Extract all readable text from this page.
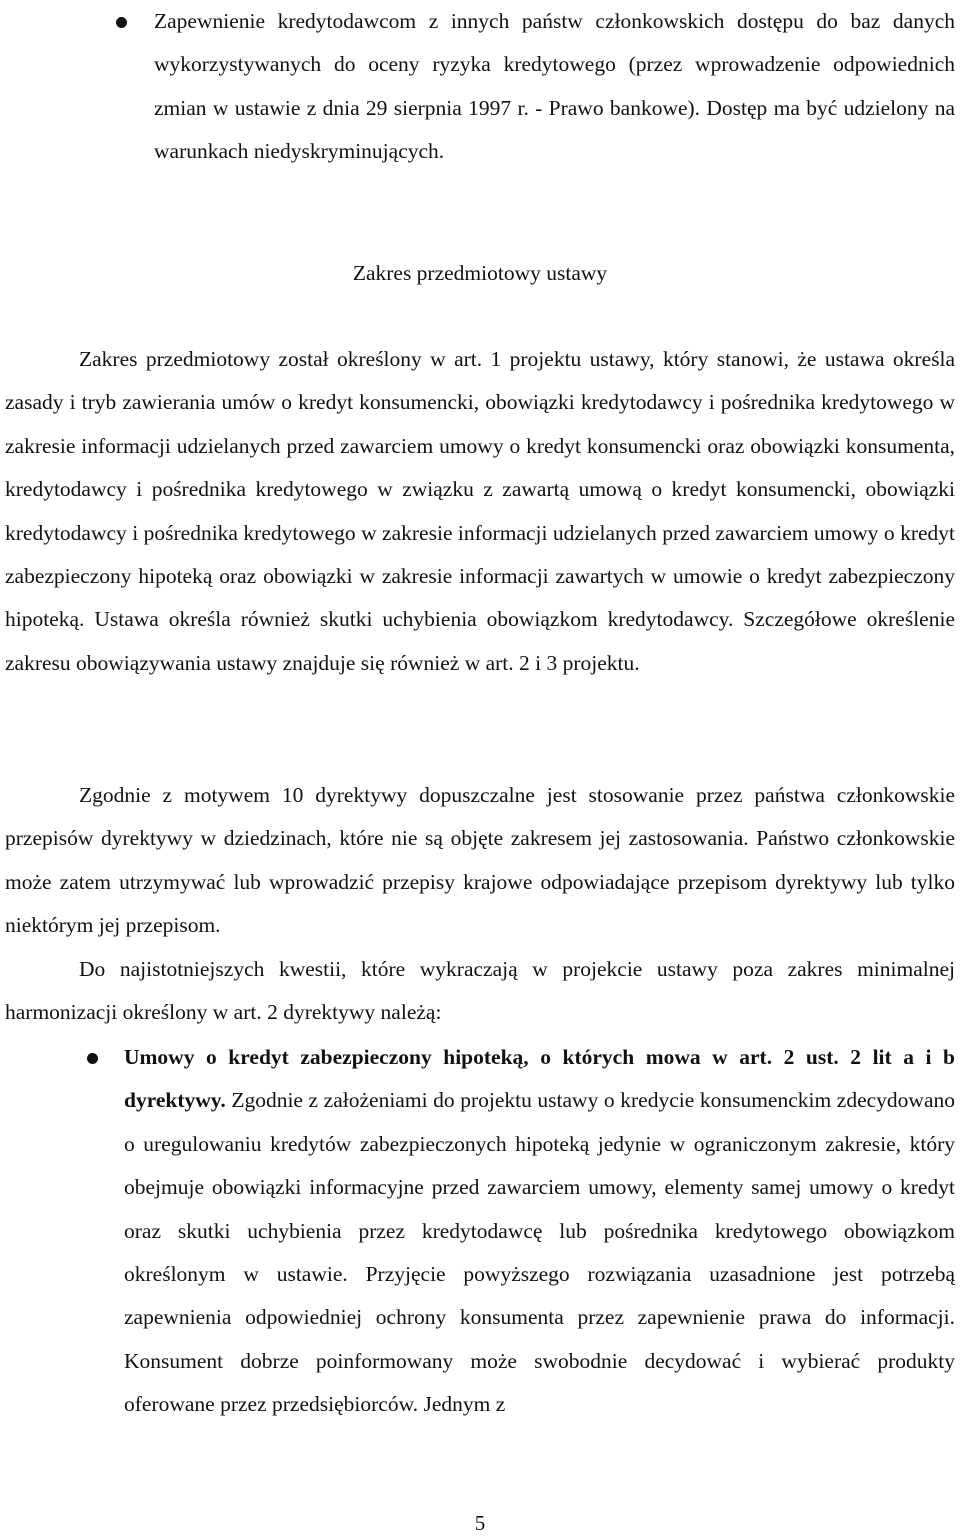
Zapewnienie kredytodawcom z innych państw członkowskich dostępu do baz danych wykorzystywanych do oceny ryzyka kredytowego (przez wprowadzenie odpowiednich zmian w ustawie z dnia 29 sierpnia 1997 r. - Prawo bankowe). Dostęp ma być udzielony na warunkach niedyskryminujących.

Zakres przedmiotowy ustawy

Zakres przedmiotowy został określony w art. 1 projektu ustawy, który stanowi, że ustawa określa zasady i tryb zawierania umów o kredyt konsumencki, obowiązki kredytodawcy i pośrednika kredytowego w zakresie informacji udzielanych przed zawarciem umowy o kredyt konsumencki oraz obowiązki konsumenta, kredytodawcy i pośrednika kredytowego w związku z zawartą umową o kredyt konsumencki, obowiązki kredytodawcy i pośrednika kredytowego w zakresie informacji udzielanych przed zawarciem umowy o kredyt zabezpieczony hipoteką oraz obowiązki w zakresie informacji zawartych w umowie o kredyt zabezpieczony hipoteką. Ustawa określa również skutki uchybienia obowiązkom kredytodawcy. Szczegółowe określenie zakresu obowiązywania ustawy znajduje się również w art. 2 i 3 projektu.

Zgodnie z motywem 10 dyrektywy dopuszczalne jest stosowanie przez państwa członkowskie przepisów dyrektywy w dziedzinach, które nie są objęte zakresem jej zastosowania. Państwo członkowskie może zatem utrzymywać lub wprowadzić przepisy krajowe odpowiadające przepisom dyrektywy lub tylko niektórym jej przepisom.

Do najistotniejszych kwestii, które wykraczają w projekcie ustawy poza zakres minimalnej harmonizacji określony w art. 2 dyrektywy należą:

Umowy o kredyt zabezpieczony hipoteką, o których mowa w art. 2 ust. 2 lit a i b dyrektywy. Zgodnie z założeniami do projektu ustawy o kredycie konsumenckim zdecydowano o uregulowaniu kredytów zabezpieczonych hipoteką jedynie w ograniczonym zakresie, który obejmuje obowiązki informacyjne przed zawarciem umowy, elementy samej umowy o kredyt oraz skutki uchybienia przez kredytodawcę lub pośrednika kredytowego obowiązkom określonym w ustawie. Przyjęcie powyższego rozwiązania uzasadnione jest potrzebą zapewnienia odpowiedniej ochrony konsumenta przez zapewnienie prawa do informacji. Konsument dobrze poinformowany może swobodnie decydować i wybierać produkty oferowane przez przedsiębiorców. Jednym z

5
